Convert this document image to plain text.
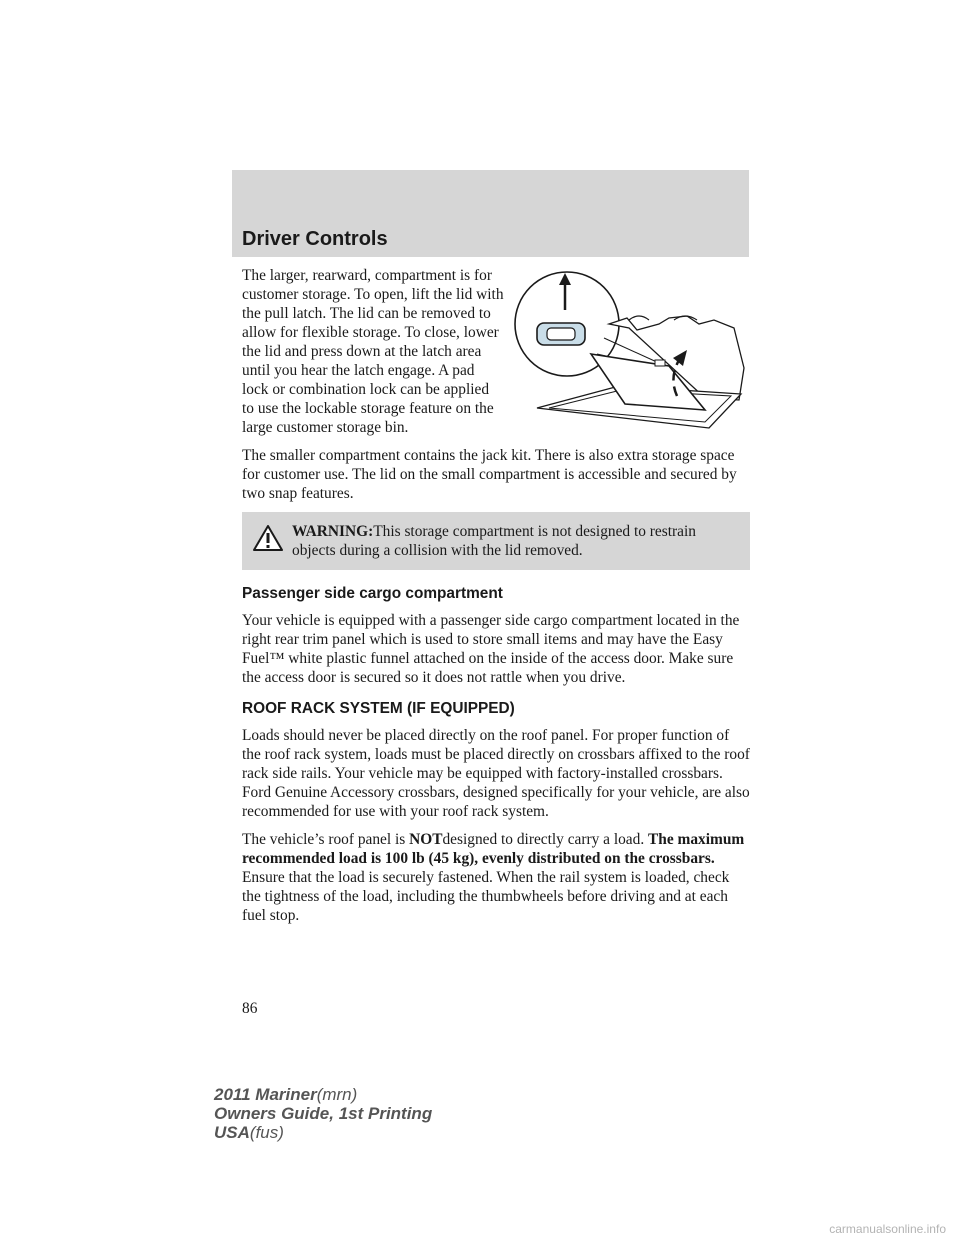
Driver Controls

The larger, rearward, compartment is for customer storage. To open, lift the lid with the pull latch. The lid can be removed to allow for flexible storage. To close, lower the lid and press down at the latch area until you hear the latch engage. A pad lock or combination lock can be applied to use the lockable storage feature on the large customer storage bin.

The smaller compartment contains the jack kit. There is also extra storage space for customer use. The lid on the small compartment is accessible and secured by two snap features.

WARNING:This storage compartment is not designed to restrain objects during a collision with the lid removed.
Passenger side cargo compartment

Your vehicle is equipped with a passenger side cargo compartment located in the right rear trim panel which is used to store small items and may have the Easy Fuel™ white plastic funnel attached on the inside of the access door. Make sure the access door is secured so it does not rattle when you drive.

ROOF RACK SYSTEM (IF EQUIPPED)

Loads should never be placed directly on the roof panel. For proper function of the roof rack system, loads must be placed directly on crossbars affixed to the roof rack side rails. Your vehicle may be equipped with factory-installed crossbars. Ford Genuine Accessory crossbars, designed specifically for your vehicle, are also recommended for use with your roof rack system.

The vehicle’s roof panel is NOTdesigned to directly carry a load. The maximum recommended load is 100 lb (45 kg), evenly distributed on the crossbars. Ensure that the load is securely fastened. When the rail system is loaded, check the tightness of the load, including the thumbwheels before driving and at each fuel stop.

86
2011 Mariner(mrn)
Owners Guide, 1st Printing
USA(fus)
carmanualsonline.info
